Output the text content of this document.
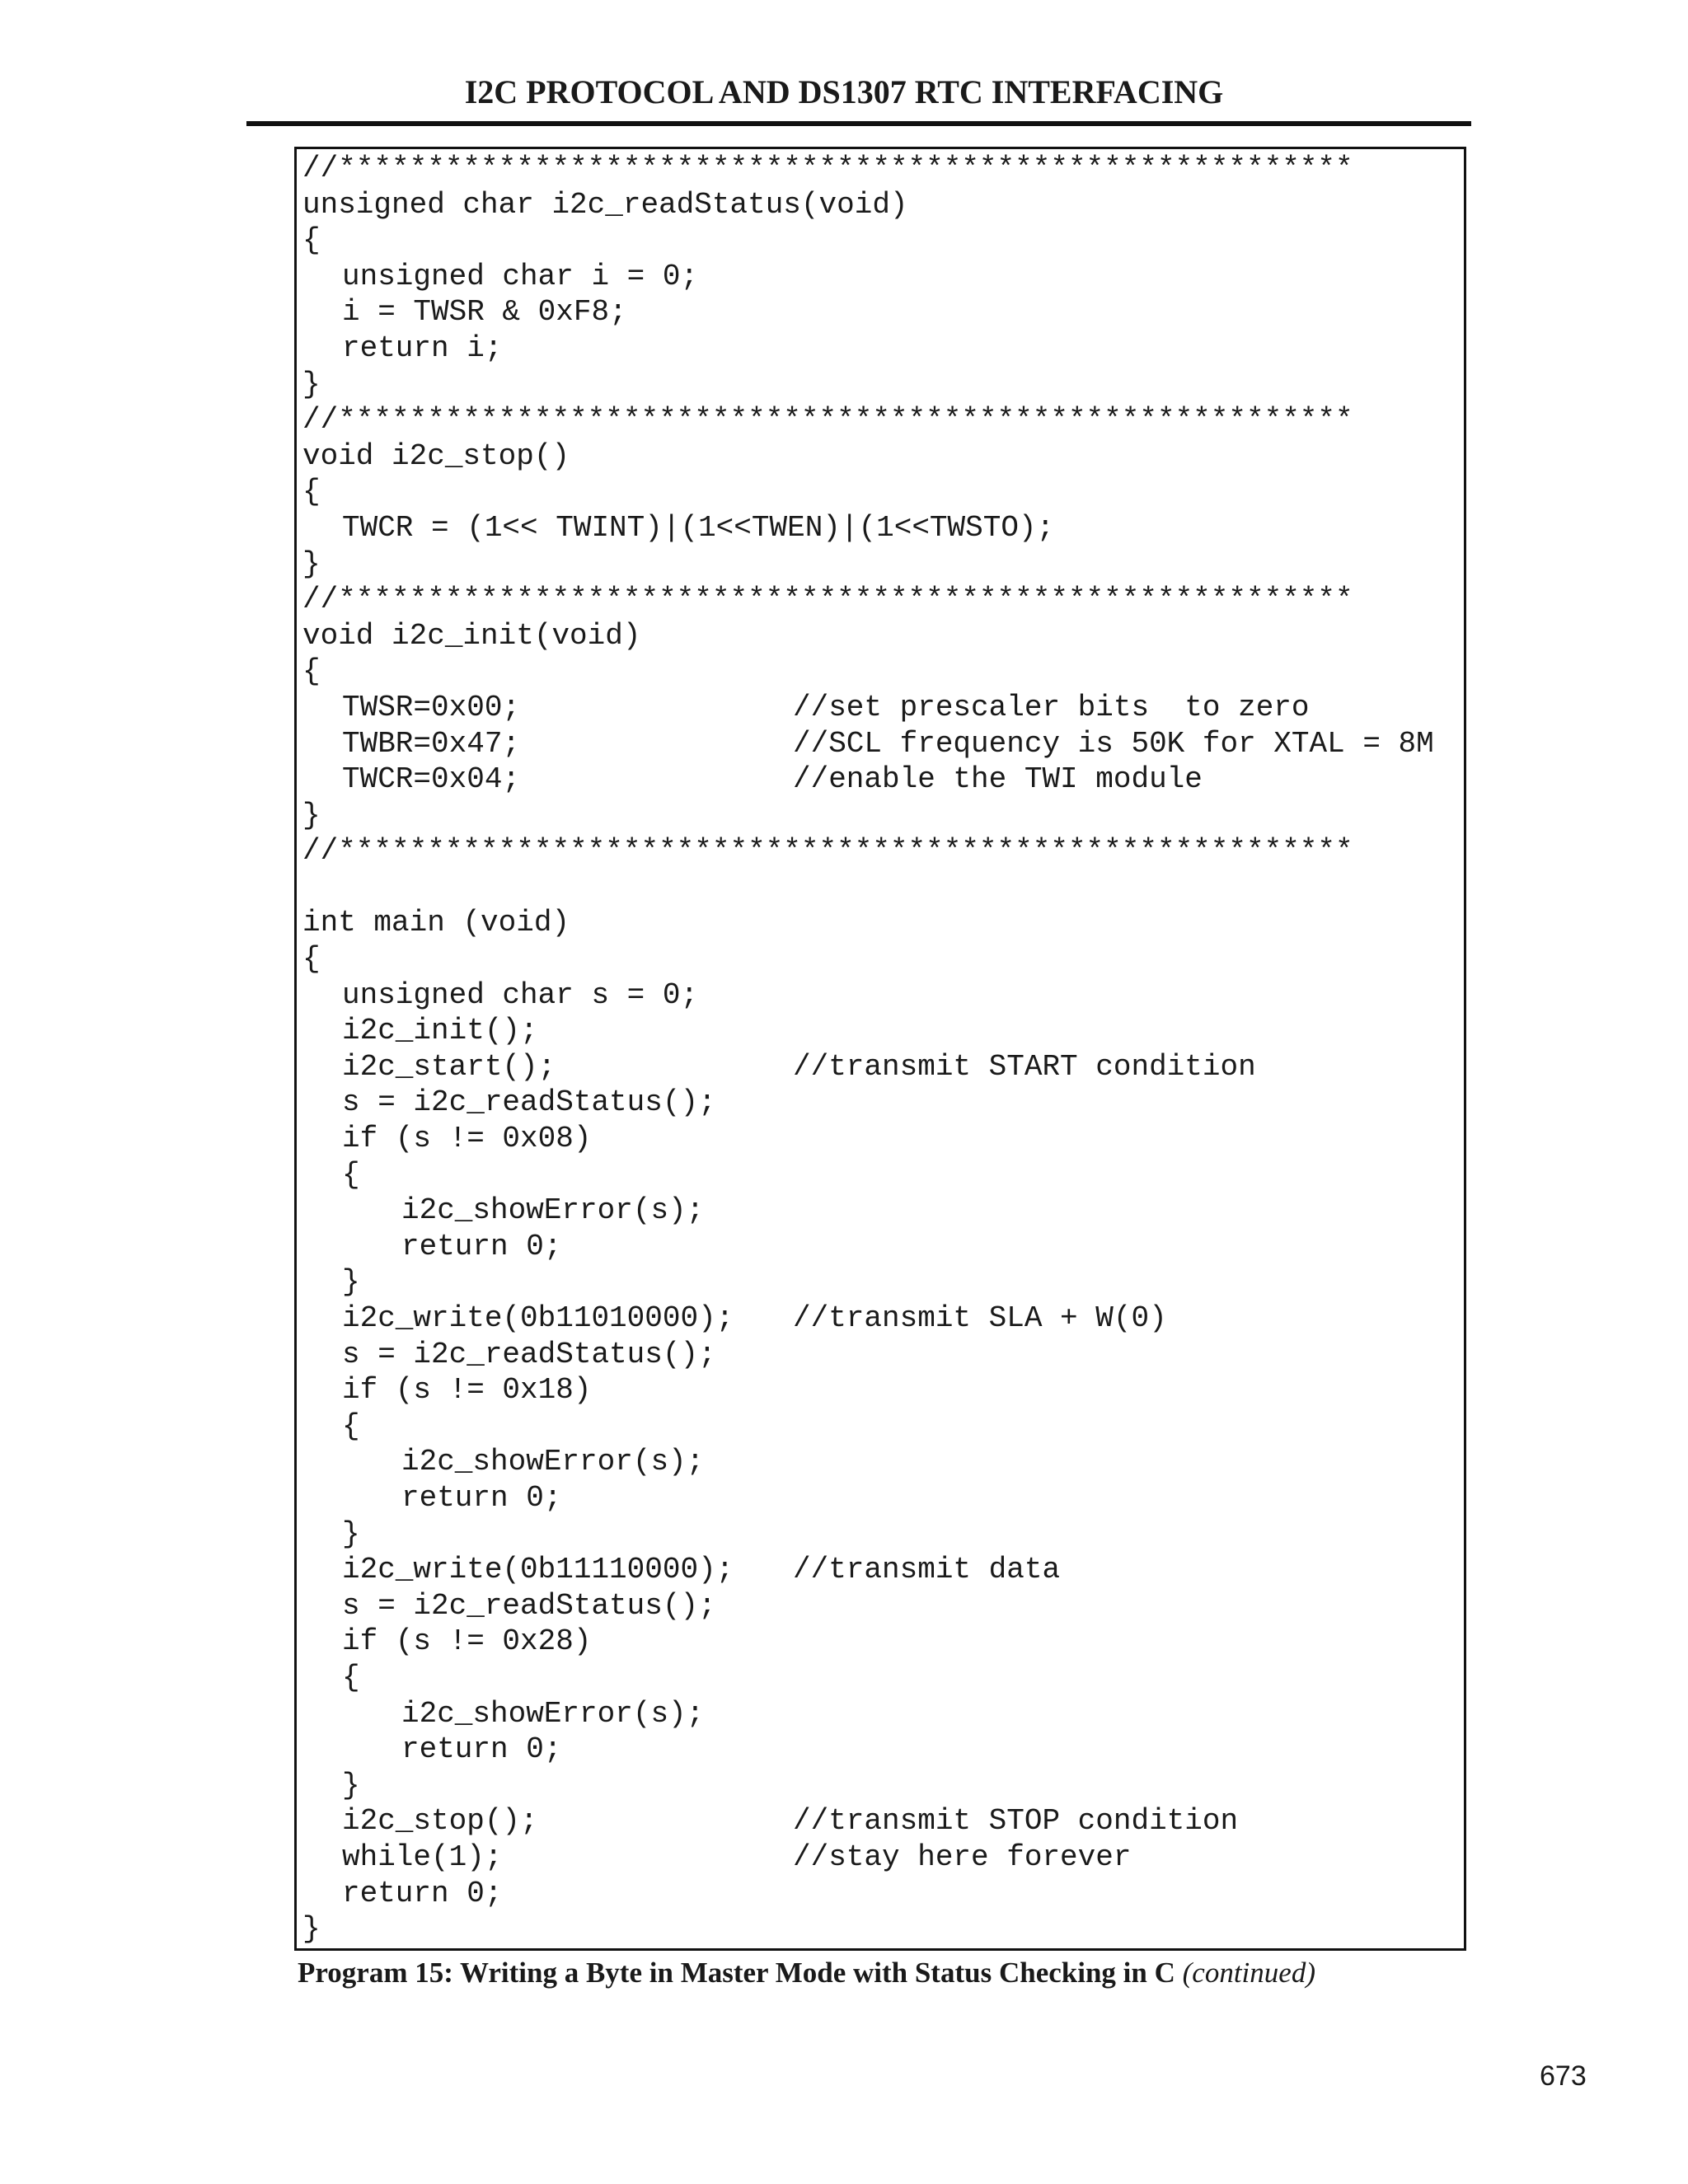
I2C PROTOCOL AND DS1307 RTC INTERFACING
//*********************************************************
unsigned char i2c_readStatus(void)
{
unsigned char i = 0;
i = TWSR & 0xF8;
return i;
}
//*********************************************************
void i2c_stop()
{
TWCR = (1<< TWINT)|(1<<TWEN)|(1<<TWSTO);
}
//*********************************************************
void i2c_init(void)
{
TWSR=0x00;	//set prescaler bits  to zero
TWBR=0x47;	//SCL frequency is 50K for XTAL = 8M
TWCR=0x04;	//enable the TWI module
}
//*********************************************************
int main (void)
{
unsigned char s = 0;
i2c_init();
i2c_start();	//transmit START condition
s = i2c_readStatus();
if (s != 0x08)
{
i2c_showError(s);
return 0;
}
i2c_write(0b11010000); //transmit SLA + W(0)
s = i2c_readStatus();
if (s != 0x18)
{
i2c_showError(s);
return 0;
}
i2c_write(0b11110000); //transmit data
s = i2c_readStatus();
if (s != 0x28)
{
i2c_showError(s);
return 0;
}
i2c_stop();	//transmit STOP condition
while(1);	//stay here forever
return 0;
}
Program 15: Writing a Byte in Master Mode with Status Checking in C (continued)
673
